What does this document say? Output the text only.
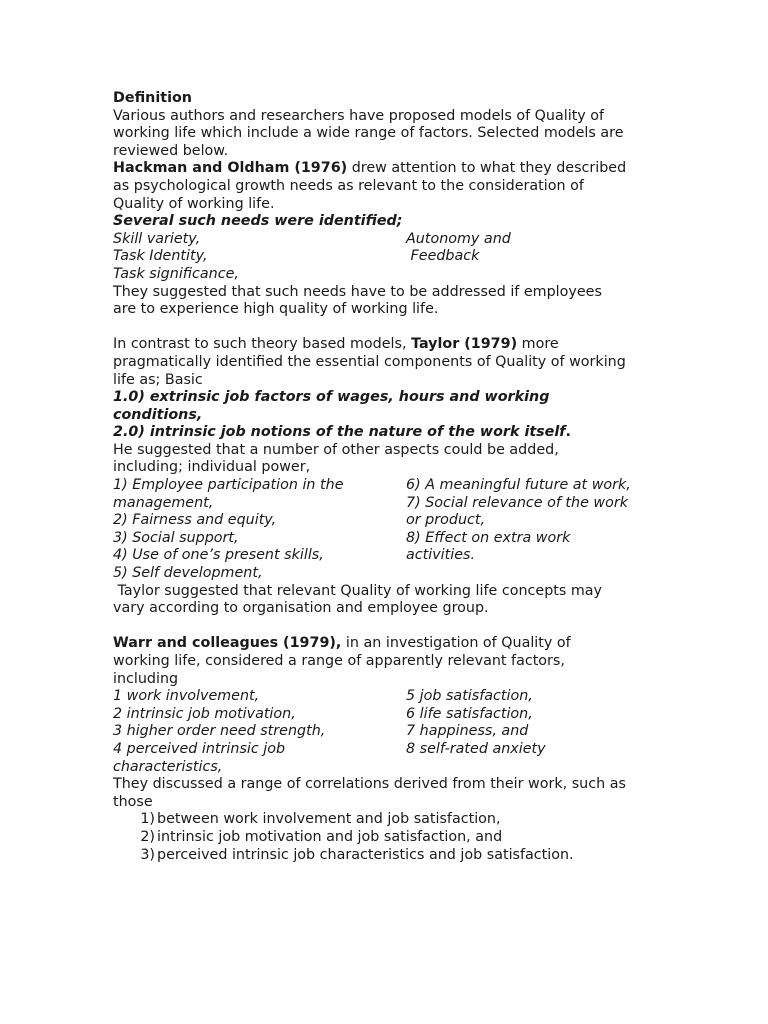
Definition
Various authors and researchers have proposed models of Quality of
working life which include a wide range of factors. Selected models are
reviewed below.
Hackman and Oldham (1976) drew attention to what they described
as psychological growth needs as relevant to the consideration of
Quality of working life.
Several such needs were identified;
Skill variety,	Autonomy and
Task Identity,	Feedback
Task significance,
They suggested that such needs have to be addressed if employees
are to experience high quality of working life.
In contrast to such theory based models, Taylor (1979) more
pragmatically identified the essential components of Quality of working
life as; Basic
1.0) extrinsic job factors of wages, hours and working
conditions,
2.0) intrinsic job notions of the nature of the work itself.
He suggested that a number of other aspects could be added,
including; individual power,
1) Employee participation in the	6) A meaningful future at work,
management,	7) Social relevance of the work
2) Fairness and equity,	or product,
3) Social support,	8) Effect on extra work
4) Use of one’s present skills,	activities.
5) Self development,
Taylor suggested that relevant Quality of working life concepts may
vary according to organisation and employee group.
Warr and colleagues (1979), in an investigation of Quality of
working life, considered a range of apparently relevant factors,
including
1 work involvement,	5 job satisfaction,
2 intrinsic job motivation,	6 life satisfaction,
3 higher order need strength,	7 happiness, and
4 perceived intrinsic job	8 self-rated anxiety
characteristics,
They discussed a range of correlations derived from their work, such as
those
1) between work involvement and job satisfaction,
2) intrinsic job motivation and job satisfaction, and
3) perceived intrinsic job characteristics and job satisfaction.
